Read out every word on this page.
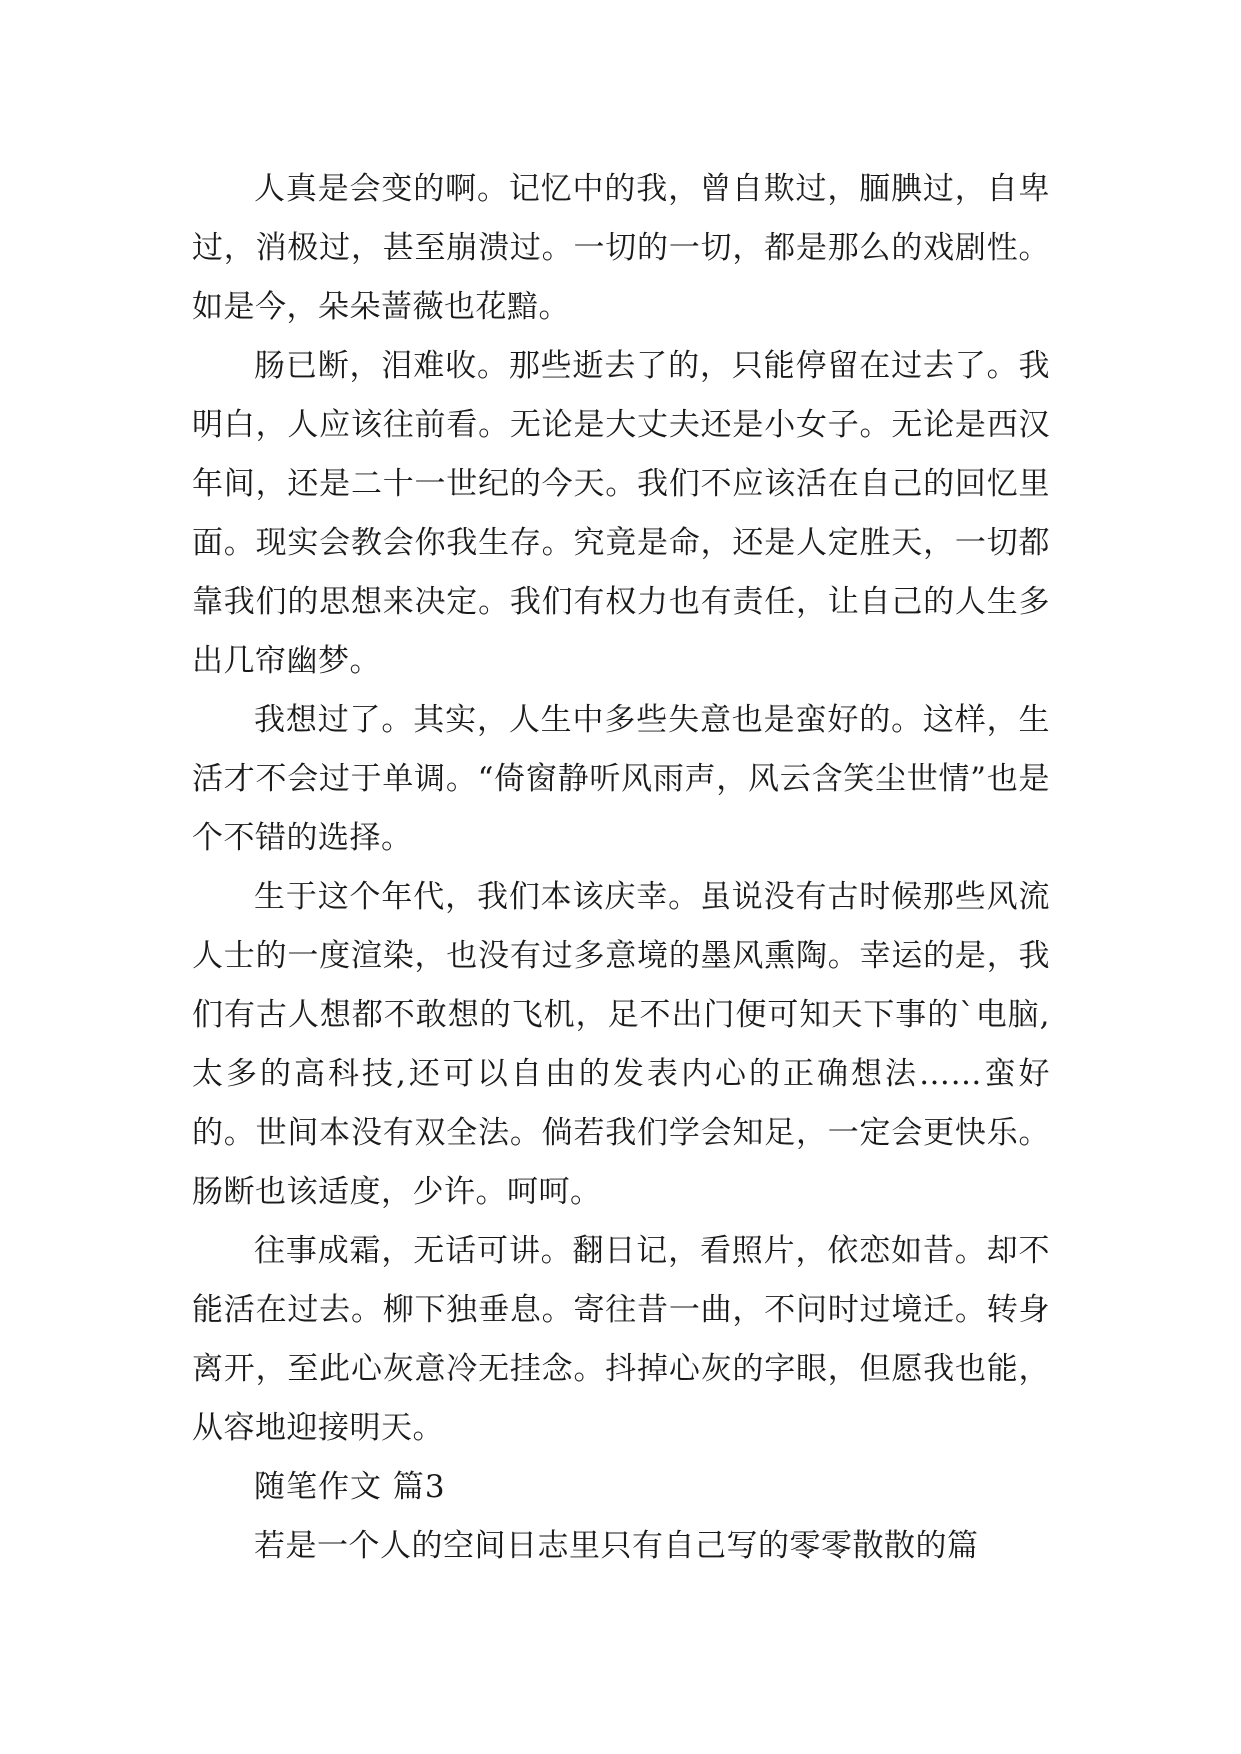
人真是会变的啊。记忆中的我，曾自欺过，腼腆过，自卑过，消极过，甚至崩溃过。一切的一切，都是那么的戏剧性。如是今，朵朵蔷薇也花黯。

肠已断，泪难收。那些逝去了的，只能停留在过去了。我明白，人应该往前看。无论是大丈夫还是小女子。无论是西汉年间，还是二十一世纪的今天。我们不应该活在自己的回忆里面。现实会教会你我生存。究竟是命，还是人定胜天，一切都靠我们的思想来决定。我们有权力也有责任，让自己的人生多出几帘幽梦。

我想过了。其实，人生中多些失意也是蛮好的。这样，生活才不会过于单调。“倚窗静听风雨声，风云含笑尘世情”也是个不错的选择。

生于这个年代，我们本该庆幸。虽说没有古时候那些风流人士的一度渲染，也没有过多意境的墨风熏陶。幸运的是，我们有古人想都不敢想的飞机，足不出门便可知天下事的`电脑,太多的高科技,还可以自由的发表内心的正确想法……蛮好的。世间本没有双全法。倘若我们学会知足，一定会更快乐。肠断也该适度，少许。呵呵。

往事成霜，无话可讲。翻日记，看照片，依恋如昔。却不能活在过去。柳下独垂息。寄往昔一曲，不问时过境迁。转身离开，至此心灰意冷无挂念。抖掉心灰的字眼，但愿我也能，从容地迎接明天。

随笔作文 篇3

若是一个人的空间日志里只有自己写的零零散散的篇
